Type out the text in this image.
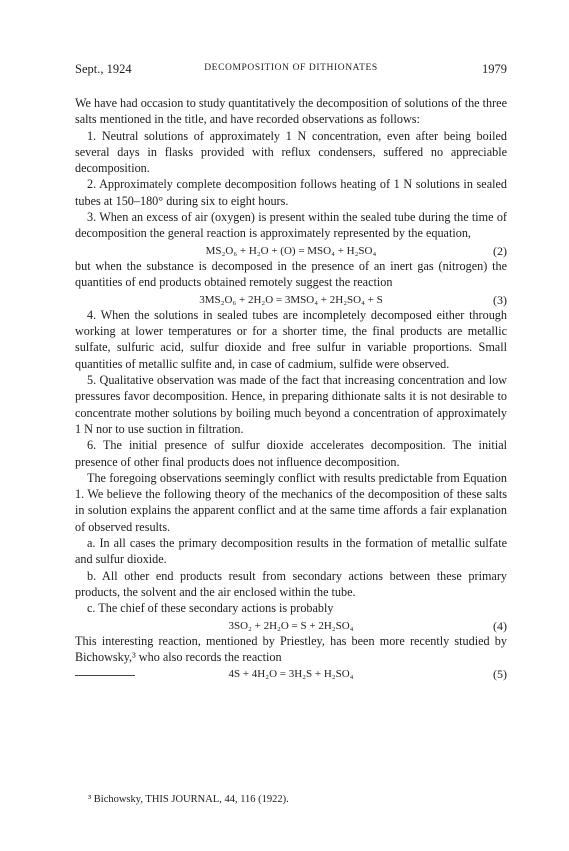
Sept., 1924	DECOMPOSITION OF DITHIONATES	1979

We have had occasion to study quantitatively the decomposition of solutions of the three salts mentioned in the title, and have recorded observations as follows:

1. Neutral solutions of approximately 1 N concentration, even after being boiled several days in flasks provided with reflux condensers, suffered no appreciable decomposition.

2. Approximately complete decomposition follows heating of 1 N solutions in sealed tubes at 150–180° during six to eight hours.

3. When an excess of air (oxygen) is present within the sealed tube during the time of decomposition the general reaction is approximately represented by the equation,

MS₂O₆ + H₂O + (O) = MSO₄ + H₂SO₄	(2)

but when the substance is decomposed in the presence of an inert gas (nitrogen) the quantities of end products obtained remotely suggest the reaction

3MS₂O₆ + 2H₂O = 3MSO₄ + 2H₂SO₄ + S	(3)

4. When the solutions in sealed tubes are incompletely decomposed either through working at lower temperatures or for a shorter time, the final products are metallic sulfate, sulfuric acid, sulfur dioxide and free sulfur in variable proportions. Small quantities of metallic sulfite and, in case of cadmium, sulfide were observed.

5. Qualitative observation was made of the fact that increasing concentration and low pressures favor decomposition. Hence, in preparing dithionate salts it is not desirable to concentrate mother solutions by boiling much beyond a concentration of approximately 1 N nor to use suction in filtration.

6. The initial presence of sulfur dioxide accelerates decomposition. The initial presence of other final products does not influence decomposition.

The foregoing observations seemingly conflict with results predictable from Equation 1. We believe the following theory of the mechanics of the decomposition of these salts in solution explains the apparent conflict and at the same time affords a fair explanation of observed results.

a. In all cases the primary decomposition results in the formation of metallic sulfate and sulfur dioxide.

b. All other end products result from secondary actions between these primary products, the solvent and the air enclosed within the tube.

c. The chief of these secondary actions is probably

3SO₂ + 2H₂O = S + 2H₂SO₄	(4)

This interesting reaction, mentioned by Priestley, has been more recently studied by Bichowsky,³ who also records the reaction

4S + 4H₂O = 3H₂S + H₂SO₄	(5)
³ Bichowsky, THIS JOURNAL, 44, 116 (1922).
